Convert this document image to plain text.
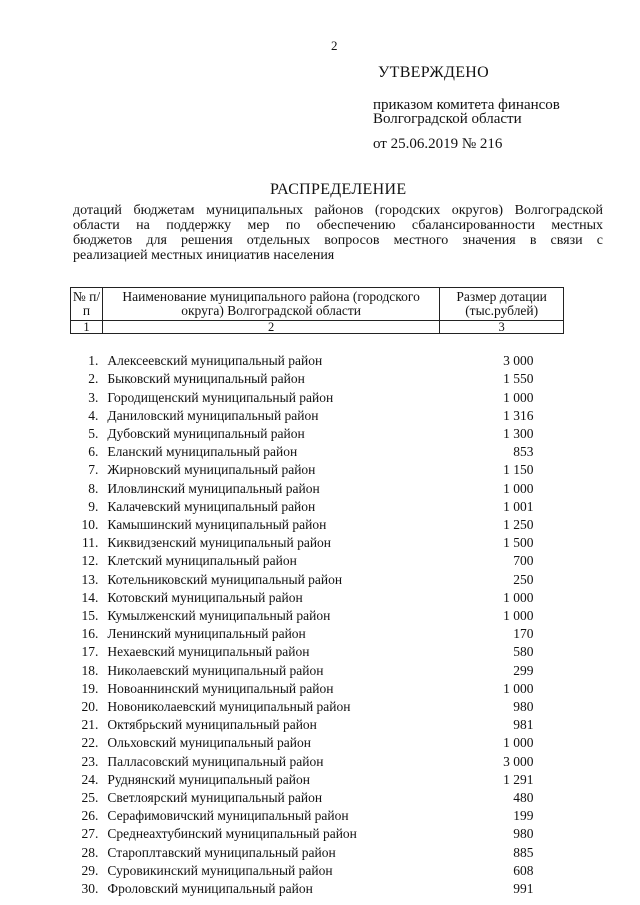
2
УТВЕРЖДЕНО
приказом комитета финансов
Волгоградской области
от 25.06.2019 № 216
РАСПРЕДЕЛЕНИЕ
дотаций бюджетам муниципальных районов (городских округов) Волгоградской
области на поддержку мер по обеспечению сбалансированности местных
бюджетов для решения отдельных вопросов местного значения в связи с
реализацией местных инициатив населения
№ п/п	Наименование муниципального района (городского округа) Волгоградской области	Размер дотации (тыс.рублей)
1	2	3

1.	Алексеевский муниципальный район	3 000
2.	Быковский муниципальный район	1 550
3.	Городищенский муниципальный район	1 000
4.	Даниловский муниципальный район	1 316
5.	Дубовский муниципальный район	1 300
6.	Еланский муниципальный район	853
7.	Жирновский муниципальный район	1 150
8.	Иловлинский муниципальный район	1 000
9.	Калачевский муниципальный район	1 001
10.	Камышинский муниципальный район	1 250
11.	Киквидзенский муниципальный район	1 500
12.	Клетский муниципальный район	700
13.	Котельниковский муниципальный район	250
14.	Котовский муниципальный район	1 000
15.	Кумылженский муниципальный район	1 000
16.	Ленинский муниципальный район	170
17.	Нехаевский муниципальный район	580
18.	Николаевский муниципальный район	299
19.	Новоаннинский муниципальный район	1 000
20.	Новониколаевский муниципальный район	980
21.	Октябрьский муниципальный район	981
22.	Ольховский муниципальный район	1 000
23.	Палласовский муниципальный район	3 000
24.	Руднянский муниципальный район	1 291
25.	Светлоярский муниципальный район	480
26.	Серафимовичский муниципальный район	199
27.	Среднеахтубинский муниципальный район	980
28.	Староплтавский муниципальный район	885
29.	Суровикинский муниципальный район	608
30.	Фроловский муниципальный район	991
